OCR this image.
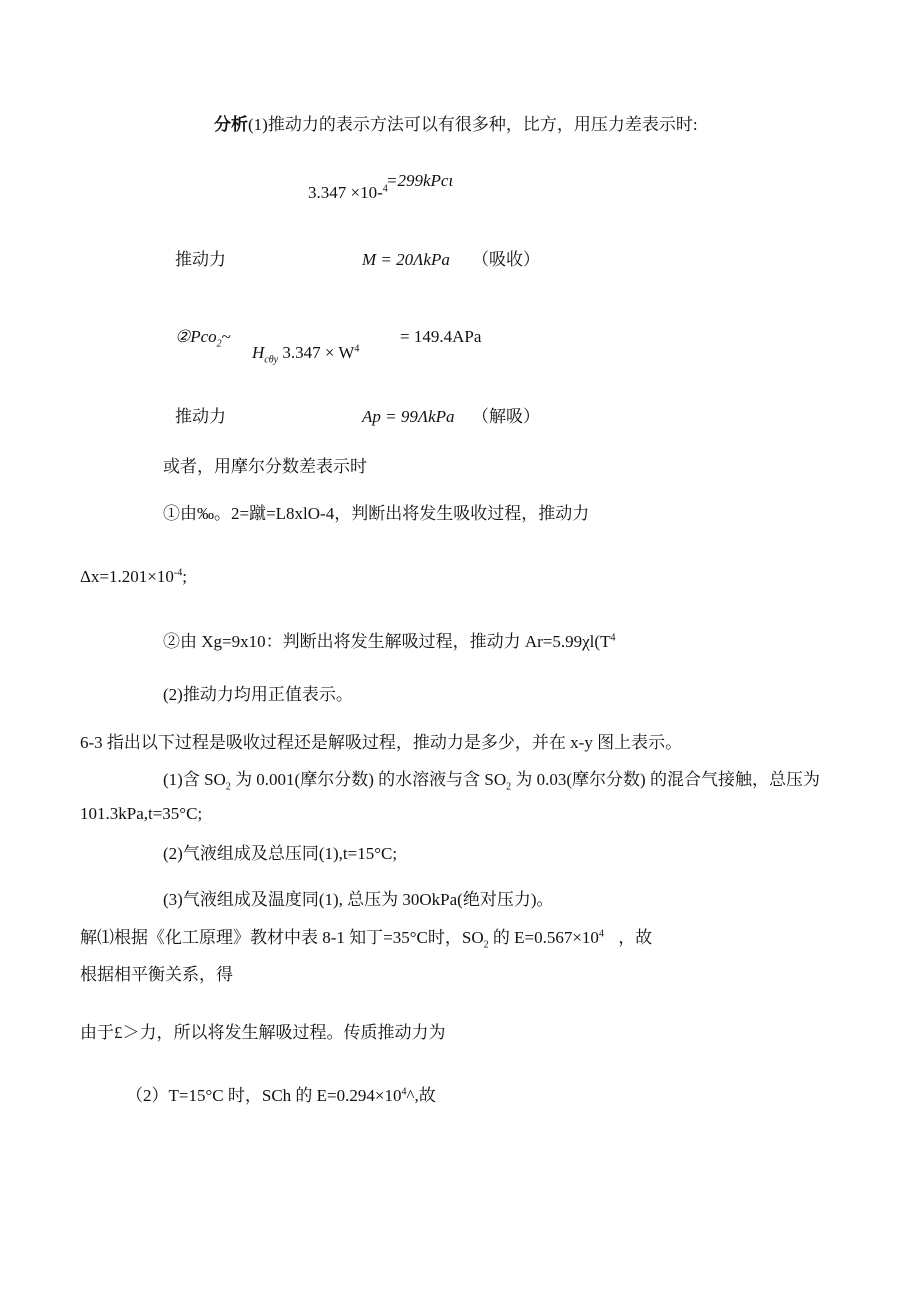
分析(1)推动力的表示方法可以有很多种，比方，用压力差表示时:
=299kPcι
3.347 ×10-$^4$
推动力	M = 20ΛkPa （吸收）
②Pco$_2$~	= 149.4APa
$H_{c\theta y}$ $3.347 \times W^4$
推动力	Ap = 99ΛkPa （解吸）
或者，用摩尔分数差表示时
①由‰。2=蹴=L8xlO-4，判断出将发生吸收过程，推动力
$\Delta x=1.201\times 10^{-4}$;
②由 Xg=9x10：判断出将发生解吸过程，推动力 $Ar=5.99\chi l(T^4$
(2)推动力均用正值表示。
6-3 指出以下过程是吸收过程还是解吸过程，推动力是多少，并在 x-y 图上表示。
(1)含 $SO_2$ 为 0.001(摩尔分数) 的水溶液与含 $SO_2$ 为 0.03(摩尔分数) 的混合气接触，总压为
101.3kPa,t=35°C;
(2)气液组成及总压同(1),t=15°C;
(3)气液组成及温度同(1), 总压为 30OkPa(绝对压力)。
解⑴根据《化工原理》教材中表 8-1 知丁=35°C时，$SO_2$ 的 $E=0.567\times 10^4$ ，故
根据相平衡关系，得
由于£＞力，所以将发生解吸过程。传质推动力为
（2）T=15°C 时，SCh 的 $E=0.294\times 10^4\^{}$,故
